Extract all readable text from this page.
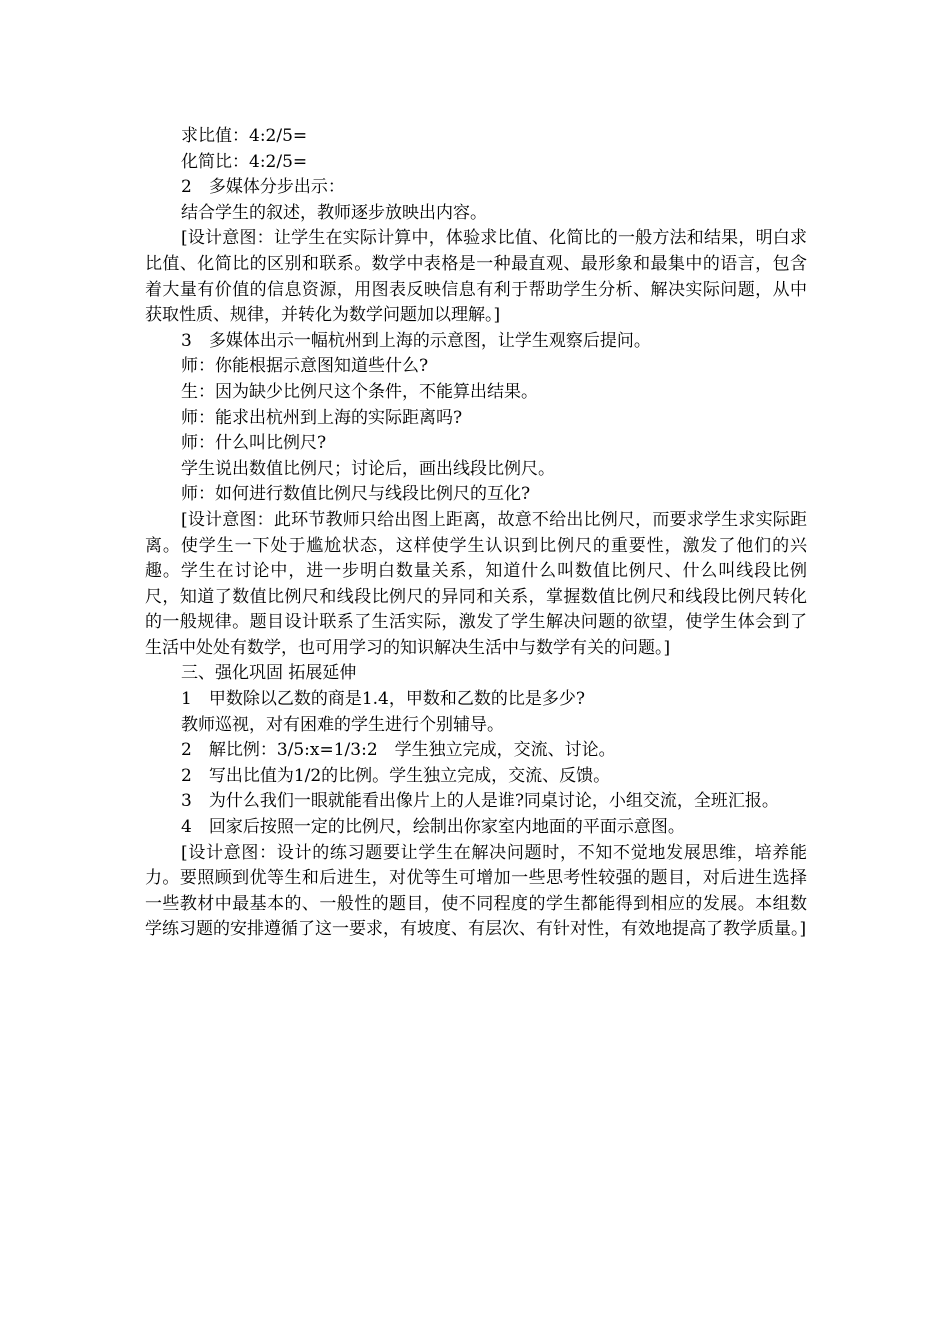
求比值：4:2/5=

化简比：4:2/5=

2　多媒体分步出示：

结合学生的叙述，教师逐步放映出内容。

[设计意图：让学生在实际计算中，体验求比值、化简比的一般方法和结果，明白求比值、化简比的区别和联系。数学中表格是一种最直观、最形象和最集中的语言，包含着大量有价值的信息资源，用图表反映信息有利于帮助学生分析、解决实际问题，从中获取性质、规律，并转化为数学问题加以理解。]

3　多媒体出示一幅杭州到上海的示意图，让学生观察后提问。

师：你能根据示意图知道些什么?

生：因为缺少比例尺这个条件，不能算出结果。

师：能求出杭州到上海的实际距离吗?

师：什么叫比例尺?

学生说出数值比例尺；讨论后，画出线段比例尺。

师：如何进行数值比例尺与线段比例尺的互化?

[设计意图：此环节教师只给出图上距离，故意不给出比例尺，而要求学生求实际距离。使学生一下处于尴尬状态，这样使学生认识到比例尺的重要性，激发了他们的兴趣。学生在讨论中，进一步明白数量关系，知道什么叫数值比例尺、什么叫线段比例尺，知道了数值比例尺和线段比例尺的异同和关系，掌握数值比例尺和线段比例尺转化的一般规律。题目设计联系了生活实际，激发了学生解决问题的欲望，使学生体会到了生活中处处有数学，也可用学习的知识解决生活中与数学有关的问题。]

三、强化巩固 拓展延伸

1　甲数除以乙数的商是1.4，甲数和乙数的比是多少?

教师巡视，对有困难的学生进行个别辅导。

2　解比例：3/5:x=1/3:2　学生独立完成，交流、讨论。

2　写出比值为1/2的比例。学生独立完成，交流、反馈。

3　为什么我们一眼就能看出像片上的人是谁?同桌讨论，小组交流，全班汇报。

4　回家后按照一定的比例尺，绘制出你家室内地面的平面示意图。

[设计意图：设计的练习题要让学生在解决问题时，不知不觉地发展思维，培养能力。要照顾到优等生和后进生，对优等生可增加一些思考性较强的题目，对后进生选择一些教材中最基本的、一般性的题目，使不同程度的学生都能得到相应的发展。本组数学练习题的安排遵循了这一要求，有坡度、有层次、有针对性，有效地提高了教学质量。]
